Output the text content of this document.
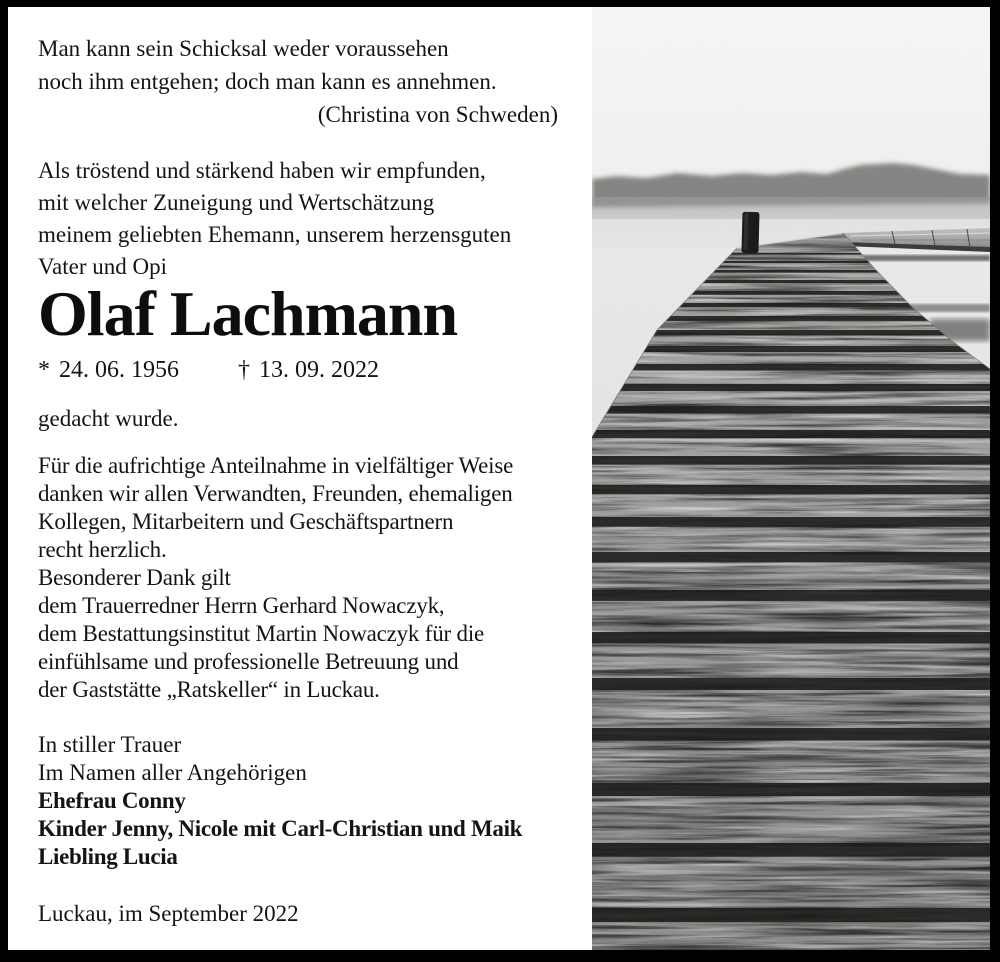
Man kann sein Schicksal weder voraussehen
noch ihm entgehen; doch man kann es annehmen.
(Christina von Schweden)
Als tröstend und stärkend haben wir empfunden,
mit welcher Zuneigung und Wertschätzung
meinem geliebten Ehemann, unserem herzensguten
Vater und Opi
Olaf Lachmann
* 24. 06. 1956 † 13. 09. 2022
gedacht wurde.
Für die aufrichtige Anteilnahme in vielfältiger Weise
danken wir allen Verwandten, Freunden, ehemaligen
Kollegen, Mitarbeitern und Geschäftspartnern
recht herzlich.
Besonderer Dank gilt
dem Trauerredner Herrn Gerhard Nowaczyk,
dem Bestattungsinstitut Martin Nowaczyk für die
einfühlsame und professionelle Betreuung und
der Gaststätte „Ratskeller“ in Luckau.
In stiller Trauer
Im Namen aller Angehörigen
Ehefrau Conny
Kinder Jenny, Nicole mit Carl-Christian und Maik
Liebling Lucia
Luckau, im September 2022
